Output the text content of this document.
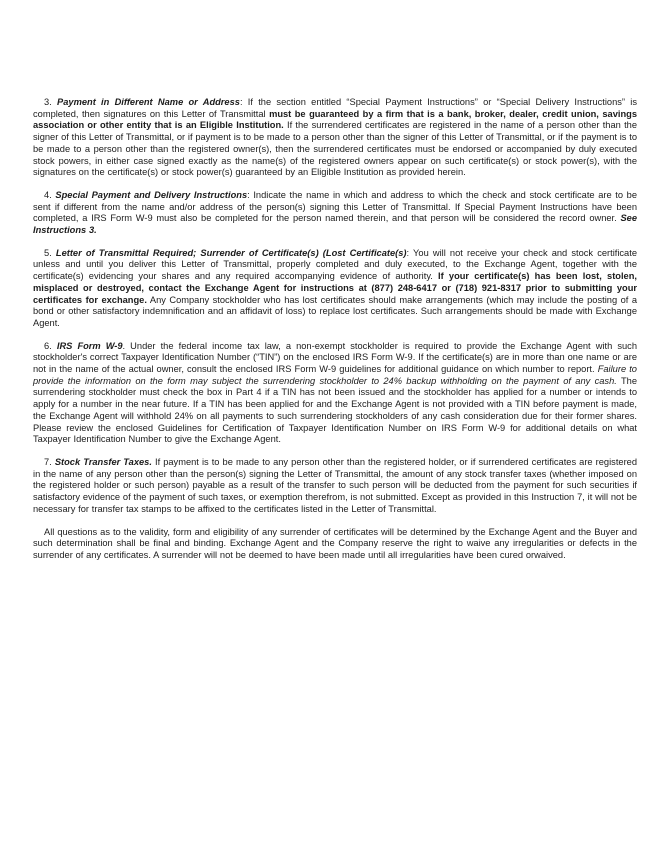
3. Payment in Different Name or Address: If the section entitled “Special Payment Instructions” or “Special Delivery Instructions” is completed, then signatures on this Letter of Transmittal must be guaranteed by a firm that is a bank, broker, dealer, credit union, savings association or other entity that is an Eligible Institution. If the surrendered certificates are registered in the name of a person other than the signer of this Letter of Transmittal, or if payment is to be made to a person other than the signer of this Letter of Transmittal, or if the payment is to be made to a person other than the registered owner(s), then the surrendered certificates must be endorsed or accompanied by duly executed stock powers, in either case signed exactly as the name(s) of the registered owners appear on such certificate(s) or stock power(s), with the signatures on the certificate(s) or stock power(s) guaranteed by an Eligible Institution as provided herein.

4. Special Payment and Delivery Instructions: Indicate the name in which and address to which the check and stock certificate are to be sent if different from the name and/or address of the person(s) signing this Letter of Transmittal. If Special Payment Instructions have been completed, a IRS Form W-9 must also be completed for the person named therein, and that person will be considered the record owner. See Instructions 3.

5. Letter of Transmittal Required; Surrender of Certificate(s) (Lost Certificate(s): You will not receive your check and stock certificate unless and until you deliver this Letter of Transmittal, properly completed and duly executed, to the Exchange Agent, together with the certificate(s) evidencing your shares and any required accompanying evidence of authority. If your certificate(s) has been lost, stolen, misplaced or destroyed, contact the Exchange Agent for instructions at (877) 248-6417 or (718) 921-8317 prior to submitting your certificates for exchange. Any Company stockholder who has lost certificates should make arrangements (which may include the posting of a bond or other satisfactory indemnification and an affidavit of loss) to replace lost certificates. Such arrangements should be made with Exchange Agent.

6. IRS Form W-9. Under the federal income tax law, a non-exempt stockholder is required to provide the Exchange Agent with such stockholder's correct Taxpayer Identification Number (“TIN”) on the enclosed IRS Form W-9. If the certificate(s) are in more than one name or are not in the name of the actual owner, consult the enclosed IRS Form W-9 guidelines for additional guidance on which number to report. Failure to provide the information on the form may subject the surrendering stockholder to 24% backup withholding on the payment of any cash. The surrendering stockholder must check the box in Part 4 if a TIN has not been issued and the stockholder has applied for a number or intends to apply for a number in the near future. If a TIN has been applied for and the Exchange Agent is not provided with a TIN before payment is made, the Exchange Agent will withhold 24% on all payments to such surrendering stockholders of any cash consideration due for their former shares. Please review the enclosed Guidelines for Certification of Taxpayer Identification Number on IRS Form W-9 for additional details on what Taxpayer Identification Number to give the Exchange Agent.

7. Stock Transfer Taxes. If payment is to be made to any person other than the registered holder, or if surrendered certificates are registered in the name of any person other than the person(s) signing the Letter of Transmittal, the amount of any stock transfer taxes (whether imposed on the registered holder or such person) payable as a result of the transfer to such person will be deducted from the payment for such securities if satisfactory evidence of the payment of such taxes, or exemption therefrom, is not submitted. Except as provided in this Instruction 7, it will not be necessary for transfer tax stamps to be affixed to the certificates listed in the Letter of Transmittal.

All questions as to the validity, form and eligibility of any surrender of certificates will be determined by the Exchange Agent and the Buyer and such determination shall be final and binding. Exchange Agent and the Company reserve the right to waive any irregularities or defects in the surrender of any certificates. A surrender will not be deemed to have been made until all irregularities have been cured orwaived.
